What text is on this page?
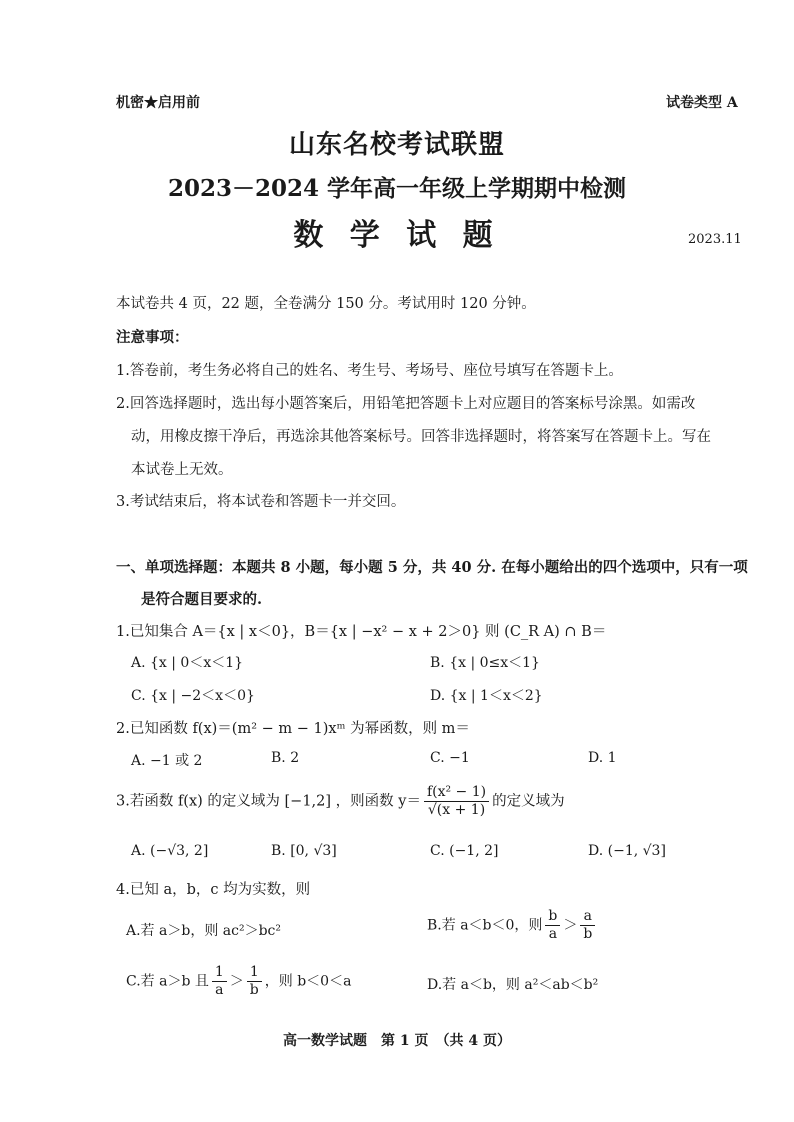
机密★启用前	试卷类型 A
山东名校考试联盟
2023－2024 学年高一年级上学期期中检测
数 学 试 题	2023.11
本试卷共 4 页，22 题，全卷满分 150 分。考试用时 120 分钟。
注意事项：
1.答卷前，考生务必将自己的姓名、考生号、考场号、座位号填写在答题卡上。
2.回答选择题时，选出每小题答案后，用铅笔把答题卡上对应题目的答案标号涂黑。如需改
动，用橡皮擦干净后，再选涂其他答案标号。回答非选择题时，将答案写在答题卡上。写在
本试卷上无效。
3.考试结束后，将本试卷和答题卡一并交回。
一、单项选择题：本题共 8 小题，每小题 5 分，共 40 分. 在每小题给出的四个选项中，只有一项
是符合题目要求的.
1.已知集合 A＝{x | x＜0}，B＝{x | −x² − x + 2＞0} 则 (C_R A) ∩ B＝
A. {x | 0＜x＜1}	B. {x | 0≤x＜1}
C. {x | −2＜x＜0}	D. {x | 1＜x＜2}
2.已知函数 f(x)＝(m² − m − 1)xᵐ 为幂函数，则 m＝
A. −1 或 2	B. 2	C. −1	D. 1
3.若函数 f(x) 的定义域为 [−1,2] ，则函数 $y= \frac{\text{f(x² − 1)}}{√(x + 1)}$ 的定义域为
A. (−√3, 2]	B. [0, √3]	C. (−1, 2]	D. (−1, √3]
4.已知 a，b，c 均为实数，则
A.若 a＞b，则 ac²＞bc²	B.若 a＜b＜0，则 $\frac{b}{a} > \frac{a}{b}$
C.若 a＞b 且 $\frac{1}{a} > \frac{1}{b}$ ，则 b＜0＜a	D.若 a＜b，则 a²＜ab＜b²
高一数学试题　第 1 页　（共 4 页）
